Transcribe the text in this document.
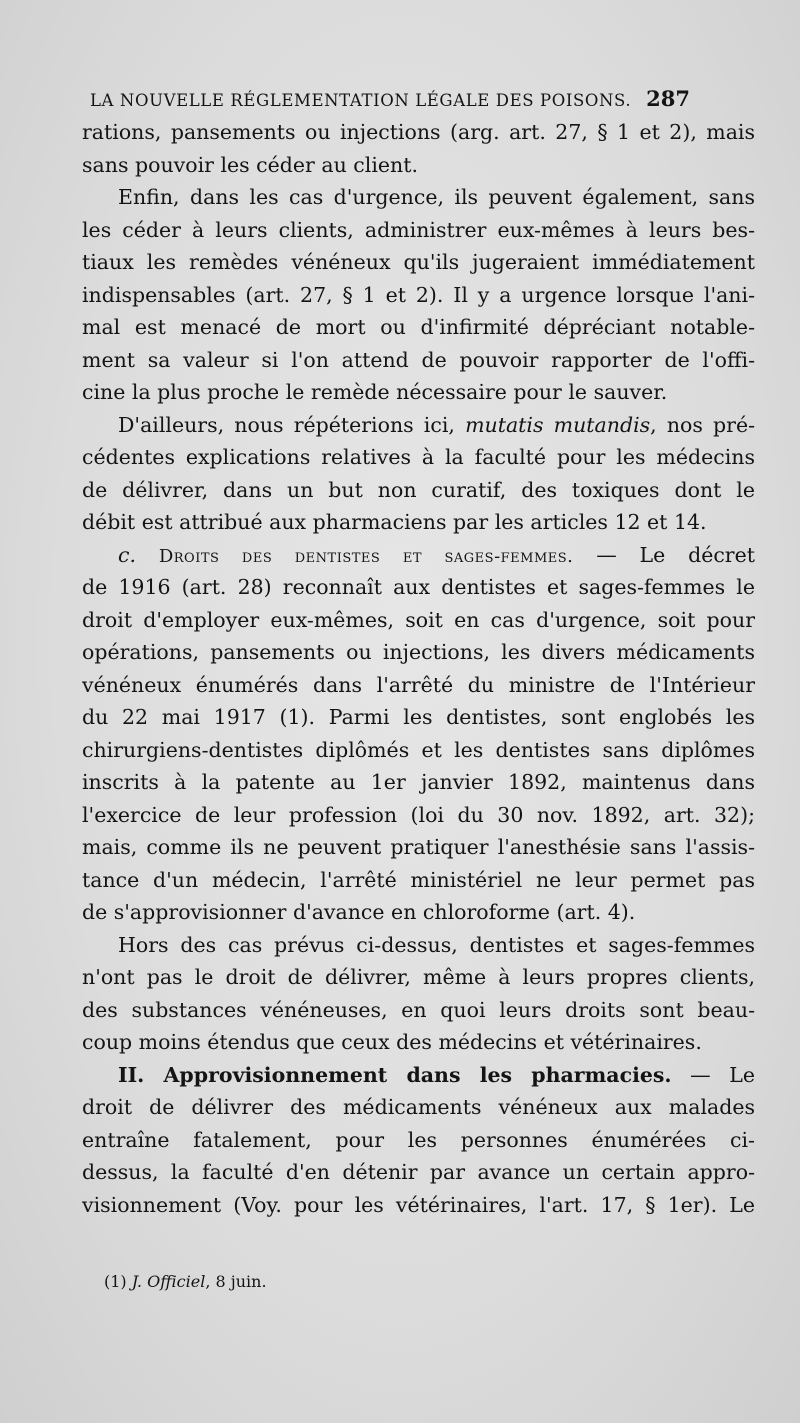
LA NOUVELLE RÉGLEMENTATION LÉGALE DES POISONS. 287
rations, pansements ou injections (arg. art. 27, § 1 et 2), mais
sans pouvoir les céder au client.
Enfin, dans les cas d'urgence, ils peuvent également, sans
les céder à leurs clients, administrer eux-mêmes à leurs bes-
tiaux les remèdes vénéneux qu'ils jugeraient immédiatement
indispensables (art. 27, § 1 et 2). Il y a urgence lorsque l'ani-
mal est menacé de mort ou d'infirmité dépréciant notable-
ment sa valeur si l'on attend de pouvoir rapporter de l'offi-
cine la plus proche le remède nécessaire pour le sauver.
D'ailleurs, nous répéterions ici, mutatis mutandis, nos pré-
cédentes explications relatives à la faculté pour les médecins
de délivrer, dans un but non curatif, des toxiques dont le
débit est attribué aux pharmaciens par les articles 12 et 14.
c. Droits des dentistes et sages-femmes. — Le décret
de 1916 (art. 28) reconnaît aux dentistes et sages-femmes le
droit d'employer eux-mêmes, soit en cas d'urgence, soit pour
opérations, pansements ou injections, les divers médicaments
vénéneux énumérés dans l'arrêté du ministre de l'Intérieur
du 22 mai 1917 (1). Parmi les dentistes, sont englobés les
chirurgiens-dentistes diplômés et les dentistes sans diplômes
inscrits à la patente au 1er janvier 1892, maintenus dans
l'exercice de leur profession (loi du 30 nov. 1892, art. 32);
mais, comme ils ne peuvent pratiquer l'anesthésie sans l'assis-
tance d'un médecin, l'arrêté ministériel ne leur permet pas
de s'approvisionner d'avance en chloroforme (art. 4).
Hors des cas prévus ci-dessus, dentistes et sages-femmes
n'ont pas le droit de délivrer, même à leurs propres clients,
des substances vénéneuses, en quoi leurs droits sont beau-
coup moins étendus que ceux des médecins et vétérinaires.
II. Approvisionnement dans les pharmacies. — Le
droit de délivrer des médicaments vénéneux aux malades
entraîne fatalement, pour les personnes énumérées ci-
dessus, la faculté d'en détenir par avance un certain appro-
visionnement (Voy. pour les vétérinaires, l'art. 17, § 1er). Le
(1) J. Officiel, 8 juin.
